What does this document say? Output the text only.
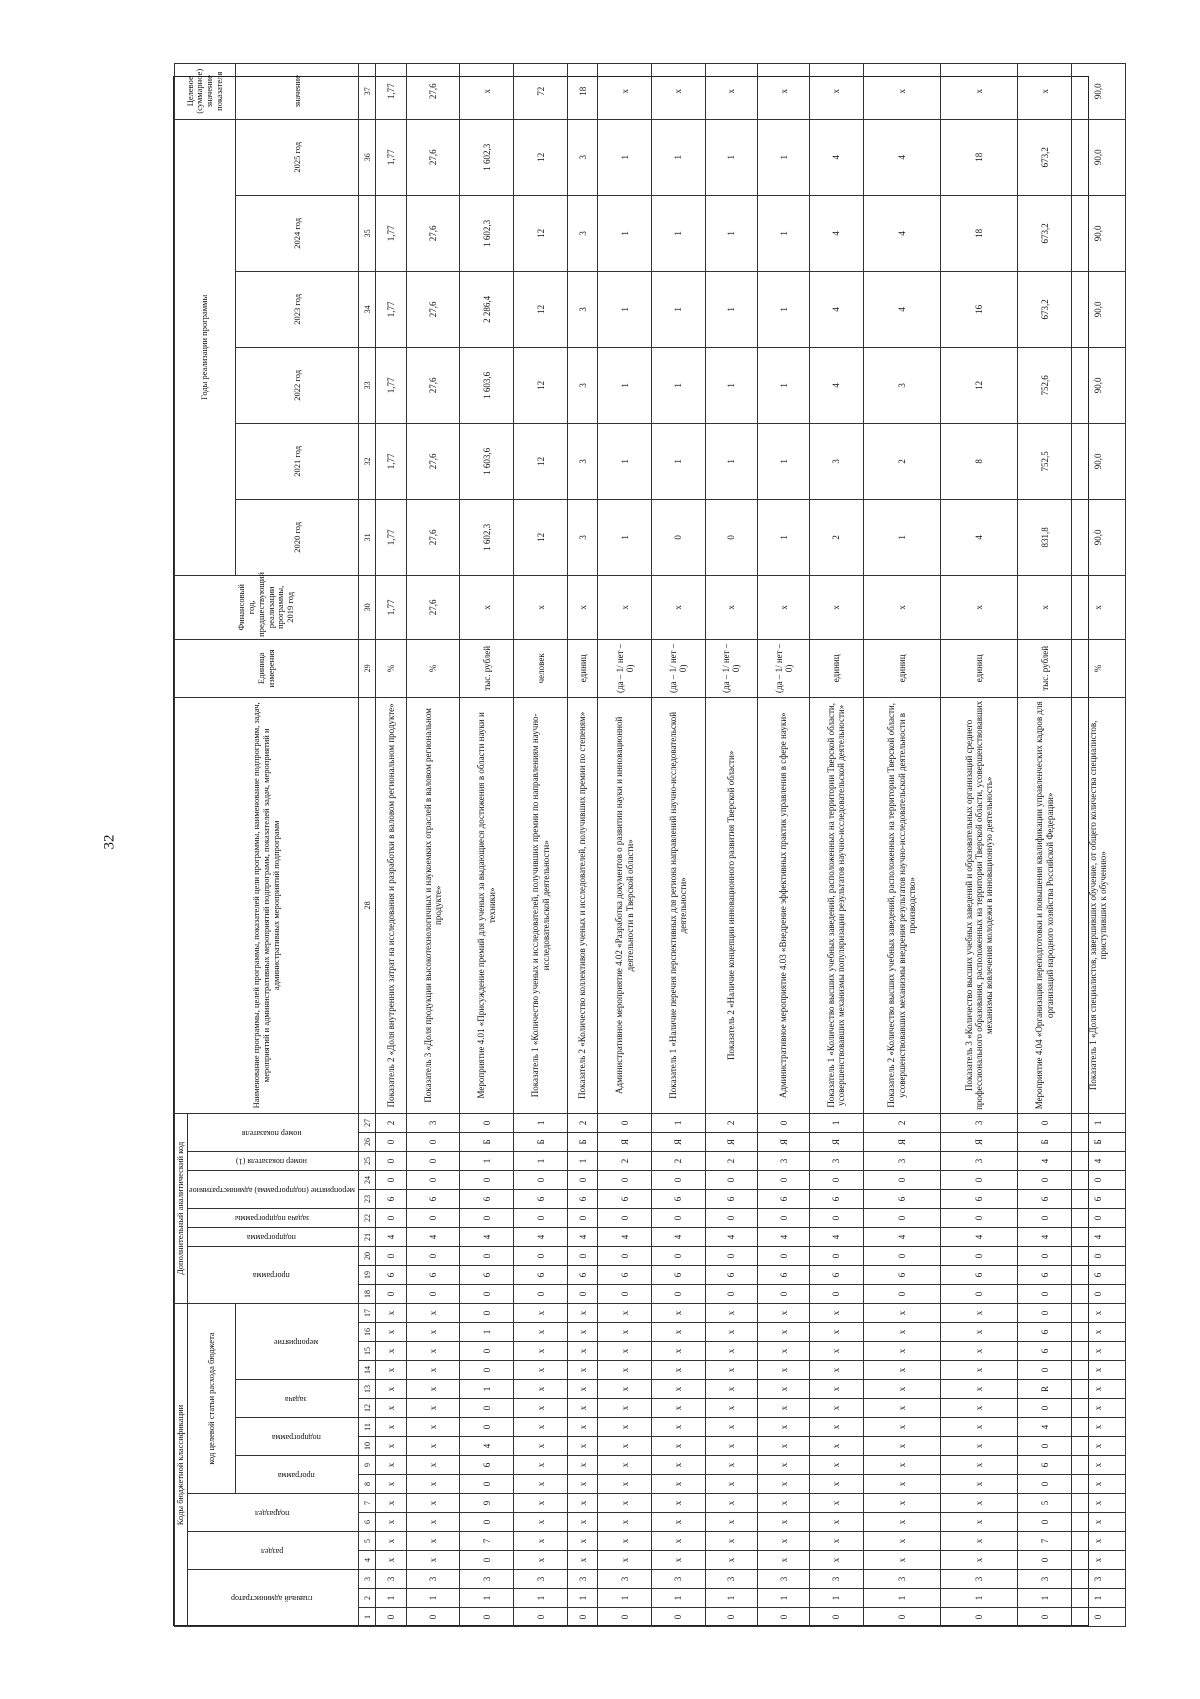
32
Коды бюджетной классификации																	Дополнительный аналитический код										Наименование программы, целей программы, показателей цели программы, наименование подпрограмм, задач, мероприятий и административных мероприятий подпрограмм, показателей задач, мероприятий и административных мероприятий подпрограмм	Единица измерения	Финансовый год, предшествующий реализации программы, 2019 год	Годы реализации программы						Целевое (суммарное) значение показателя
главный администратор			раздел		подраздел		код целевой статьи расхода бюджета										программа			подпрограмма	задача подпрограммы	мероприятие (подпрограмма) административное		номер показателя (1)	номер показателя											
							программа		подпрограмма		задача		мероприятие																	2020 год	2021 год	2022 год	2023 год	2024 год	2025 год	значение
1	2	3	4	5	6	7	8	9	10	11	12	13	14	15	16	17	18	19	20	21	22	23	24	25	26	27	28	29	30	31	32	33	34	35	36	37
0	1	3	x	x	x	x	x	x	x	x	x	x	x	x	x	x	0	6	0	4	0	6	0	0	0	2	Показатель 2 «Доля внутренних затрат на исследования и разработки в валовом региональном продукте»	%	1,77	1,77	1,77	1,77	1,77	1,77	1,77	1,77
0	1	3	x	x	x	x	x	x	x	x	x	x	x	x	x	x	0	6	0	4	0	6	0	0	0	3	Показатель 3 «Доля продукции высокотехнологичных и наукоемких отраслей в валовом региональном продукте»	%	27,6	27,6	27,6	27,6	27,6	27,6	27,6	27,6
0	1	3	0	7	0	9	0	6	4	0	0	1	0	0	1	0	0	6	0	4	0	6	0	1	Б	0	Мероприятие 4.01 «Присуждение премий для ученых за выдающиеся достижения в области науки и техники»	тыс. рублей	x	1 602,3	1 603,6	1 603,6	2 286,4	1 602,3	1 602,3	x
0	1	3	x	x	x	x	x	x	x	x	x	x	x	x	x	x	0	6	0	4	0	6	0	1	Б	1	Показатель 1 «Количество ученых и исследователей, получивших премии по направлениям научно-исследовательской деятельности»	человек	x	12	12	12	12	12	12	72
0	1	3	x	x	x	x	x	x	x	x	x	x	x	x	x	x	0	6	0	4	0	6	0	1	Б	2	Показатель 2 «Количество коллективов ученых и исследователей, получивших премии по степеням»	единиц	x	3	3	3	3	3	3	18
0	1	3	x	x	x	x	x	x	x	x	x	x	x	x	x	x	0	6	0	4	0	6	0	2	Я	0	Административное мероприятие 4.02 «Разработка документов о развитии науки и инновационной деятельности в Тверской области»	(да – 1/ нет – 0)	x	1	1	1	1	1	1	x
0	1	3	x	x	x	x	x	x	x	x	x	x	x	x	x	x	0	6	0	4	0	6	0	2	Я	1	Показатель 1 «Наличие перечня перспективных для региона направлений научно-исследовательской деятельности»	(да – 1/ нет – 0)	x	0	1	1	1	1	1	x
0	1	3	x	x	x	x	x	x	x	x	x	x	x	x	x	x	0	6	0	4	0	6	0	2	Я	2	Показатель 2 «Наличие концепции инновационного развития Тверской области»	(да – 1/ нет – 0)	x	0	1	1	1	1	1	x
0	1	3	x	x	x	x	x	x	x	x	x	x	x	x	x	x	0	6	0	4	0	6	0	3	Я	0	Административное мероприятие 4.03 «Внедрение эффективных практик управления в сфере науки»	(да – 1/ нет – 0)	x	1	1	1	1	1	1	x
0	1	3	x	x	x	x	x	x	x	x	x	x	x	x	x	x	0	6	0	4	0	6	0	3	Я	1	Показатель 1 «Количество высших учебных заведений, расположенных на территории Тверской области, усовершенствовавших механизмы популяризации результатов научно-исследовательской деятельности»	единиц	x	2	3	4	4	4	4	x
0	1	3	x	x	x	x	x	x	x	x	x	x	x	x	x	x	0	6	0	4	0	6	0	3	Я	2	Показатель 2 «Количество высших учебных заведений, расположенных на территории Тверской области, усовершенствовавших механизмы внедрения результатов научно-исследовательской деятельности в производство»	единиц	x	1	2	3	4	4	4	x
0	1	3	x	x	x	x	x	x	x	x	x	x	x	x	x	x	0	6	0	4	0	6	0	3	Я	3	Показатель 3 «Количество высших учебных заведений и образовательных организаций среднего профессионального образования, расположенных на территории Тверской области, усовершенствовавших механизмы вовлечения молодежи в инновационную деятельность»	единиц	x	4	8	12	16	18	18	x
0	1	3	0	7	0	5	0	6	0	4	0	R	0	6	6	0	0	6	0	4	0	6	0	4	Б	0	Мероприятие 4.04 «Организация переподготовки и повышения квалификации управленческих кадров для организаций народного хозяйства Российской Федерации»	тыс. рублей	x	831,8	752,5	752,6	673,2	673,2	673,2	x
0	1	3	x	x	x	x	x	x	x	x	x	x	x	x	x	x	0	6	0	4	0	6	0	4	Б	1	Показатель 1 «Доля специалистов, завершивших обучение, от общего количества специалистов, приступивших к обучению»	%	x	90,0	90,0	90,0	90,0	90,0	90,0	90,0
